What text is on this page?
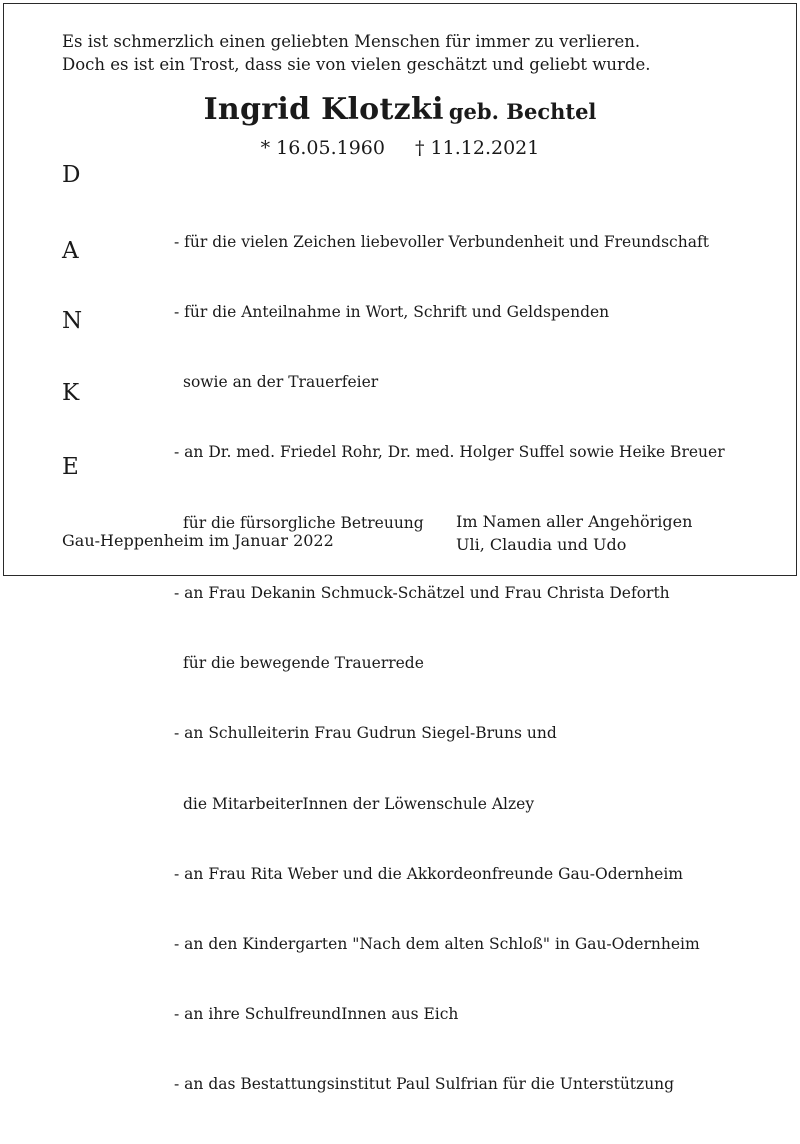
Es ist schmerzlich einen geliebten Menschen für immer zu verlieren.
Doch es ist ein Trost, dass sie von vielen geschätzt und geliebt wurde.
Ingrid Klotzki geb. Bechtel
* 16.05.1960 † 11.12.2021
D
A
N
K
E

- für die vielen Zeichen liebevoller Verbundenheit und Freundschaft

- für die Anteilnahme in Wort, Schrift und Geldspenden

sowie an der Trauerfeier

- an Dr. med. Friedel Rohr, Dr. med. Holger Suffel sowie Heike Breuer

für die fürsorgliche Betreuung

- an Frau Dekanin Schmuck-Schätzel und Frau Christa Deforth

für die bewegende Trauerrede

- an Schulleiterin Frau Gudrun Siegel-Bruns und

die MitarbeiterInnen der Löwenschule Alzey

- an Frau Rita Weber und die Akkordeonfreunde Gau-Odernheim

- an den Kindergarten "Nach dem alten Schloß" in Gau-Odernheim

- an ihre SchulfreundInnen aus Eich

- an das Bestattungsinstitut Paul Sulfrian für die Unterstützung

Gau-Heppenheim im Januar 2022
Im Namen aller Angehörigen
Uli, Claudia und Udo
